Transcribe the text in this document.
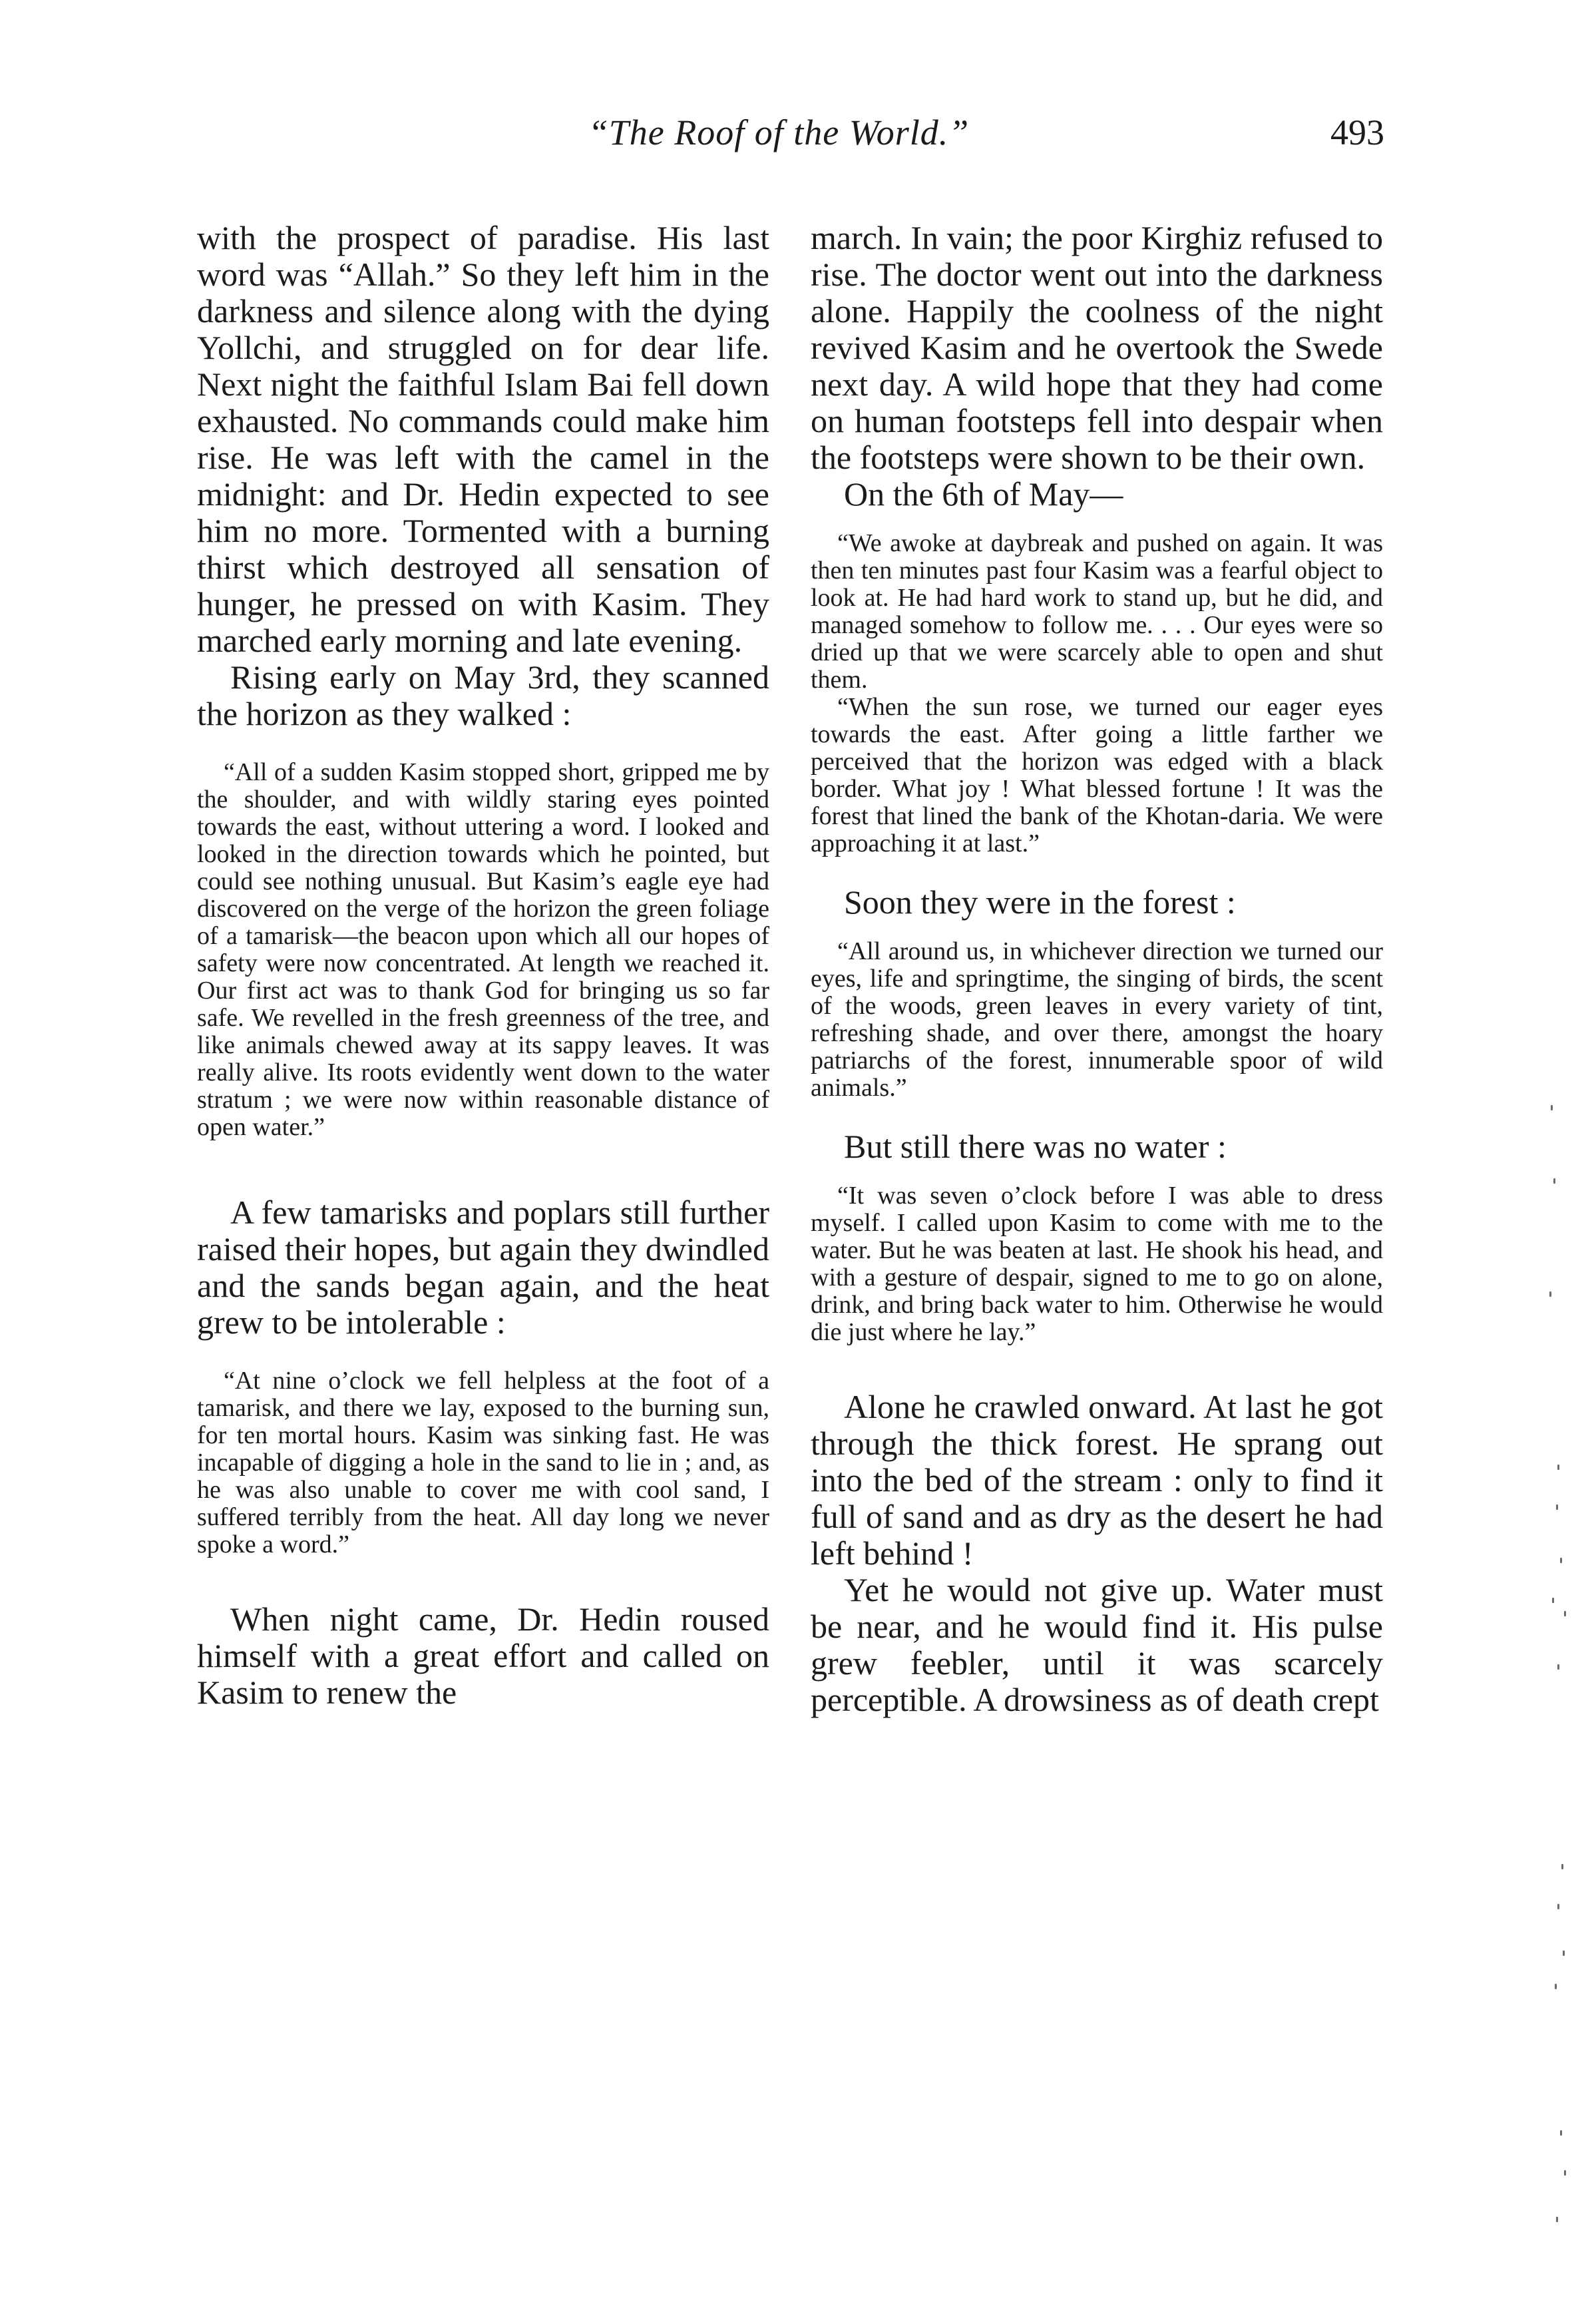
“The Roof of the World.”	493

with the prospect of paradise. His last word was “Allah.” So they left him in the darkness and silence along with the dying Yollchi, and struggled on for dear life. Next night the faithful Islam Bai fell down exhausted. No commands could make him rise. He was left with the camel in the midnight: and Dr. Hedin expected to see him no more. Tormented with a burning thirst which destroyed all sensation of hunger, he pressed on with Kasim. They marched early morning and late evening.

Rising early on May 3rd, they scanned the horizon as they walked :

“All of a sudden Kasim stopped short, gripped me by the shoulder, and with wildly staring eyes pointed towards the east, without uttering a word. I looked and looked in the direction towards which he pointed, but could see nothing unusual. But Kasim’s eagle eye had discovered on the verge of the horizon the green foliage of a tamarisk—the beacon upon which all our hopes of safety were now concentrated. At length we reached it. Our first act was to thank God for bringing us so far safe. We revelled in the fresh greenness of the tree, and like animals chewed away at its sappy leaves. It was really alive. Its roots evidently went down to the water stratum ; we were now within reasonable distance of open water.”

A few tamarisks and poplars still further raised their hopes, but again they dwindled and the sands began again, and the heat grew to be intolerable :

“At nine o’clock we fell helpless at the foot of a tamarisk, and there we lay, exposed to the burning sun, for ten mortal hours. Kasim was sinking fast. He was incapable of digging a hole in the sand to lie in ; and, as he was also unable to cover me with cool sand, I suffered terribly from the heat. All day long we never spoke a word.”

When night came, Dr. Hedin roused himself with a great effort and called on Kasim to renew the

march. In vain; the poor Kirghiz refused to rise. The doctor went out into the darkness alone. Happily the coolness of the night revived Kasim and he overtook the Swede next day. A wild hope that they had come on human footsteps fell into despair when the footsteps were shown to be their own.

On the 6th of May—

“We awoke at daybreak and pushed on again. It was then ten minutes past four Kasim was a fearful object to look at. He had hard work to stand up, but he did, and managed somehow to follow me. . . . Our eyes were so dried up that we were scarcely able to open and shut them.

“When the sun rose, we turned our eager eyes towards the east. After going a little farther we perceived that the horizon was edged with a black border. What joy ! What blessed fortune ! It was the forest that lined the bank of the Khotan-daria. We were approaching it at last.”

Soon they were in the forest :

“All around us, in whichever direction we turned our eyes, life and springtime, the singing of birds, the scent of the woods, green leaves in every variety of tint, refreshing shade, and over there, amongst the hoary patriarchs of the forest, innumerable spoor of wild animals.”

But still there was no water :

“It was seven o’clock before I was able to dress myself. I called upon Kasim to come with me to the water. But he was beaten at last. He shook his head, and with a gesture of despair, signed to me to go on alone, drink, and bring back water to him. Otherwise he would die just where he lay.”

Alone he crawled onward. At last he got through the thick forest. He sprang out into the bed of the stream : only to find it full of sand and as dry as the desert he had left behind !

Yet he would not give up. Water must be near, and he would find it. His pulse grew feebler, until it was scarcely perceptible. A drowsiness as of death crept
